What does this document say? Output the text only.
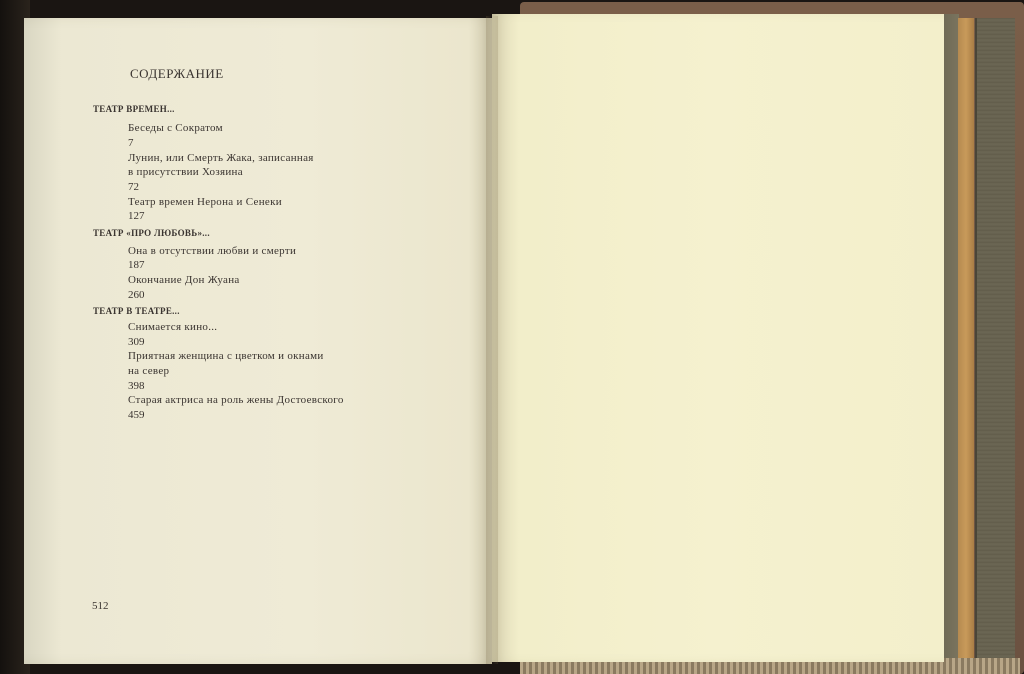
СОДЕРЖАНИЕ
ТЕАТР ВРЕМЕН...
Беседы с Сократом
7
Лунин, или Смерть Жака, записанная
в присутствии Хозяина
72
Театр времен Нерона и Сенеки
127
ТЕАТР «ПРО ЛЮБОВЬ»...
Она в отсутствии любви и смерти
187
Окончание Дон Жуана
260
ТЕАТР В ТЕАТРЕ...
Снимается кино...
309
Приятная женщина с цветком и окнами
на север
398
Старая актриса на роль жены Достоевского
459
512
